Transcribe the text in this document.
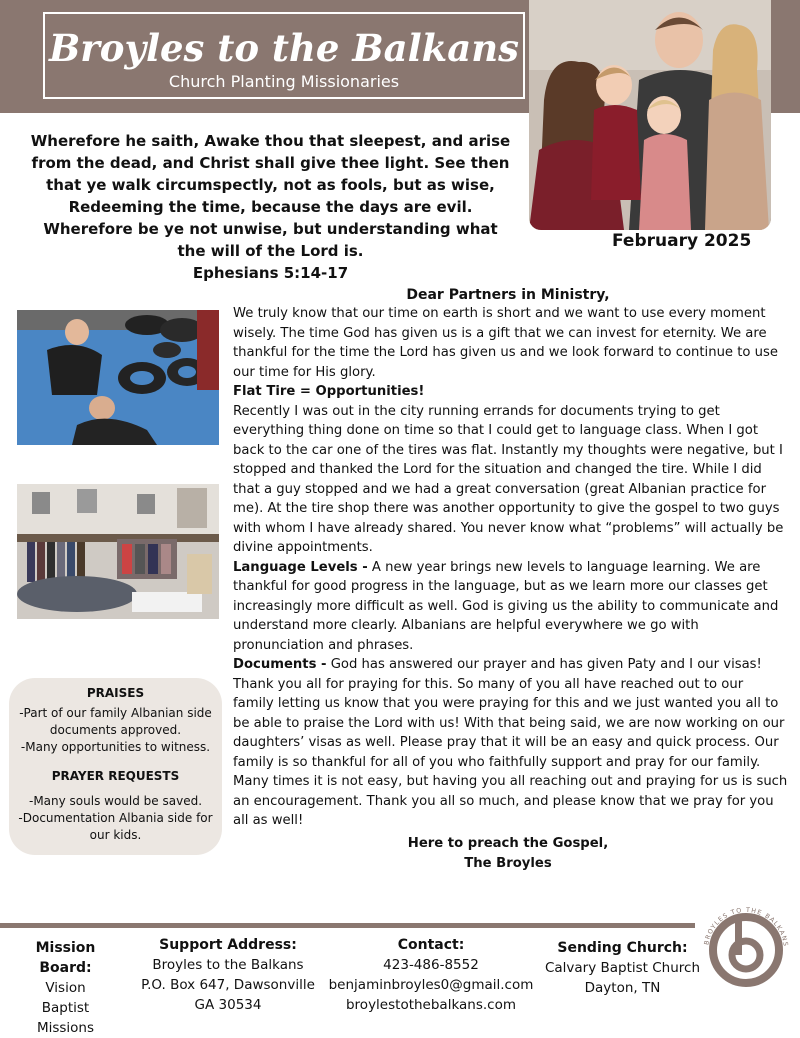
Broyles to the Balkans
Church Planting Missionaries
Wherefore he saith, Awake thou that sleepest, and arise from the dead, and Christ shall give thee light. See then that ye walk circumspectly, not as fools, but as wise, Redeeming the time, because the days are evil. Wherefore be ye not unwise, but understanding what the will of the Lord is.
Ephesians 5:14-17
February 2025
Dear Partners in Ministry,

We truly know that our time on earth is short and we want to use every moment wisely. The time God has given us is a gift that we can invest for eternity. We are thankful for the time the Lord has given us and we look forward to continue to use our time for His glory.

Flat Tire = Opportunities!

Recently I was out in the city running errands for documents trying to get everything thing done on time so that I could get to language class. When I got back to the car one of the tires was flat. Instantly my thoughts were negative, but I stopped and thanked the Lord for the situation and changed the tire. While I did that a guy stopped and we had a great conversation (great Albanian practice for me). At the tire shop there was another opportunity to give the gospel to two guys with whom I have already shared. You never know what “problems” will actually be divine appointments.

Language Levels - A new year brings new levels to language learning. We are thankful for good progress in the language, but as we learn more our classes get increasingly more difficult as well. God is giving us the ability to communicate and understand more clearly. Albanians are helpful everywhere we go with pronunciation and phrases.

Documents - God has answered our prayer and has given Paty and I our visas! Thank you all for praying for this. So many of you all have reached out to our family letting us know that you were praying for this and we just wanted you all to be able to praise the Lord with us! With that being said, we are now working on our daughters’ visas as well. Please pray that it will be an easy and quick process. Our family is so thankful for all of you who faithfully support and pray for our family. Many times it is not easy, but having you all reaching out and praying for us is such an encouragement. Thank you all so much, and please know that we pray for you all as well!

Here to preach the Gospel,
The Broyles
PRAISES
-Part of our family Albanian side documents approved.
-Many opportunities to witness.
PRAYER REQUESTS
-Many souls would be saved.
-Documentation Albania side for our kids.
Mission Board:
Vision
Baptist
Missions
Support Address:
Broyles to the Balkans
P.O. Box 647, Dawsonville
GA 30534
Contact:
423-486-8552
benjaminbroyles0@gmail.com
broylestothebalkans.com
Sending Church:
Calvary Baptist Church
Dayton, TN
BROYLES TO THE BALKANS
